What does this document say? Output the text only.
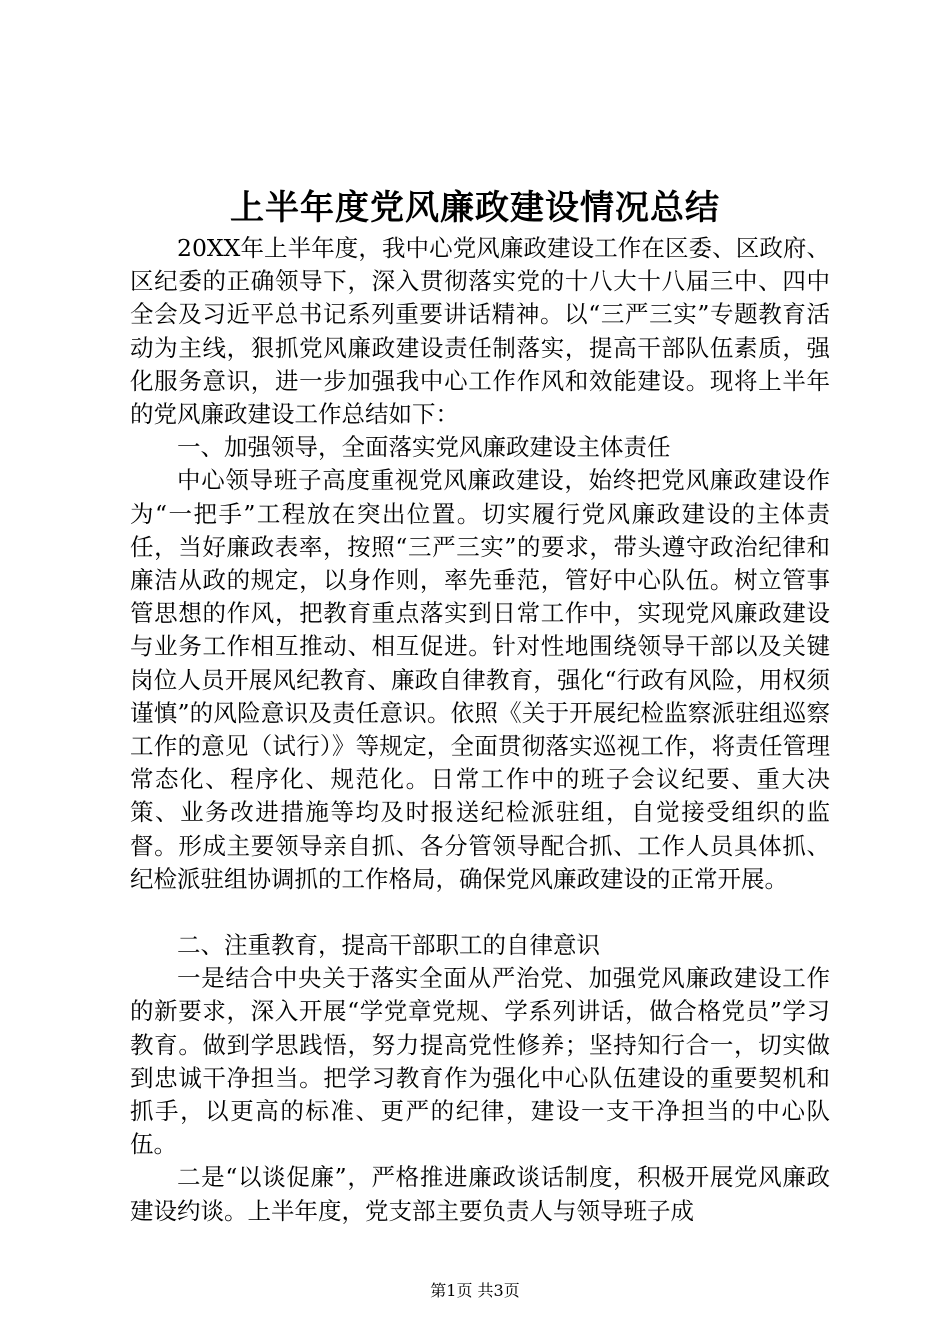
上半年度党风廉政建设情况总结

20XX年上半年度，我中心党风廉政建设工作在区委、区政府、区纪委的正确领导下，深入贯彻落实党的十八大十八届三中、四中全会及习近平总书记系列重要讲话精神。以“三严三实”专题教育活动为主线，狠抓党风廉政建设责任制落实，提高干部队伍素质，强化服务意识，进一步加强我中心工作作风和效能建设。现将上半年的党风廉政建设工作总结如下：

一、加强领导，全面落实党风廉政建设主体责任

中心领导班子高度重视党风廉政建设，始终把党风廉政建设作为“一把手”工程放在突出位置。切实履行党风廉政建设的主体责任，当好廉政表率，按照“三严三实”的要求，带头遵守政治纪律和廉洁从政的规定，以身作则，率先垂范，管好中心队伍。树立管事管思想的作风，把教育重点落实到日常工作中，实现党风廉政建设与业务工作相互推动、相互促进。针对性地围绕领导干部以及关键岗位人员开展风纪教育、廉政自律教育，强化“行政有风险，用权须谨慎”的风险意识及责任意识。依照《关于开展纪检监察派驻组巡察工作的意见（试行）》等规定，全面贯彻落实巡视工作，将责任管理常态化、程序化、规范化。日常工作中的班子会议纪要、重大决策、业务改进措施等均及时报送纪检派驻组，自觉接受组织的监督。形成主要领导亲自抓、各分管领导配合抓、工作人员具体抓、纪检派驻组协调抓的工作格局，确保党风廉政建设的正常开展。

二、注重教育，提高干部职工的自律意识

一是结合中央关于落实全面从严治党、加强党风廉政建设工作的新要求，深入开展“学党章党规、学系列讲话，做合格党员”学习教育。做到学思践悟，努力提高党性修养；坚持知行合一，切实做到忠诚干净担当。把学习教育作为强化中心队伍建设的重要契机和抓手，以更高的标准、更严的纪律，建设一支干净担当的中心队伍。

二是“以谈促廉”，严格推进廉政谈话制度，积极开展党风廉政建设约谈。上半年度，党支部主要负责人与领导班子成

第1页 共3页
